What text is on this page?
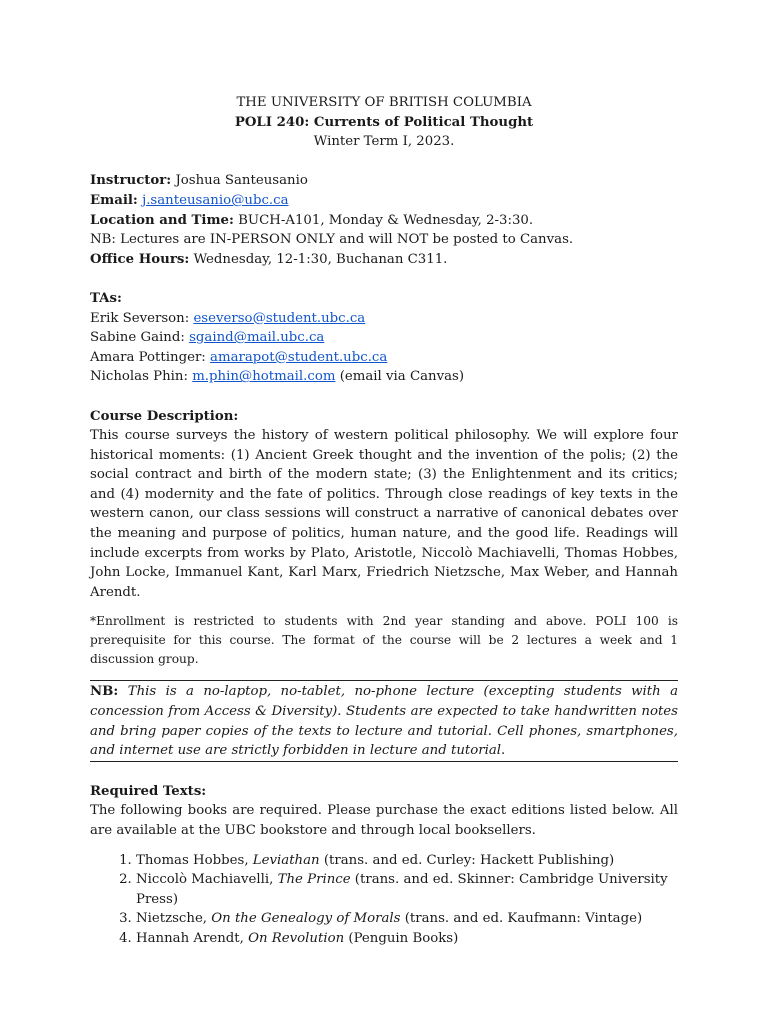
THE UNIVERSITY OF BRITISH COLUMBIA
POLI 240: Currents of Political Thought
Winter Term I, 2023.
Instructor: Joshua Santeusanio
Email: j.santeusanio@ubc.ca
Location and Time: BUCH-A101, Monday & Wednesday, 2-3:30.
NB: Lectures are IN-PERSON ONLY and will NOT be posted to Canvas.
Office Hours: Wednesday, 12-1:30, Buchanan C311.
TAs:
Erik Severson: eseverso@student.ubc.ca
Sabine Gaind: sgaind@mail.ubc.ca
Amara Pottinger: amarapot@student.ubc.ca
Nicholas Phin: m.phin@hotmail.com (email via Canvas)
Course Description:
This course surveys the history of western political philosophy. We will explore four historical moments: (1) Ancient Greek thought and the invention of the polis; (2) the social contract and birth of the modern state; (3) the Enlightenment and its critics; and (4) modernity and the fate of politics. Through close readings of key texts in the western canon, our class sessions will construct a narrative of canonical debates over the meaning and purpose of politics, human nature, and the good life. Readings will include excerpts from works by Plato, Aristotle, Niccolò Machiavelli, Thomas Hobbes, John Locke, Immanuel Kant, Karl Marx, Friedrich Nietzsche, Max Weber, and Hannah Arendt.
*Enrollment is restricted to students with 2nd year standing and above. POLI 100 is prerequisite for this course. The format of the course will be 2 lectures a week and 1 discussion group.
NB: This is a no-laptop, no-tablet, no-phone lecture (excepting students with a concession from Access & Diversity). Students are expected to take handwritten notes and bring paper copies of the texts to lecture and tutorial. Cell phones, smartphones, and internet use are strictly forbidden in lecture and tutorial.
Required Texts:
The following books are required. Please purchase the exact editions listed below. All are available at the UBC bookstore and through local booksellers.
1. Thomas Hobbes, Leviathan (trans. and ed. Curley: Hackett Publishing)
2. Niccolò Machiavelli, The Prince (trans. and ed. Skinner: Cambridge University Press)
3. Nietzsche, On the Genealogy of Morals (trans. and ed. Kaufmann: Vintage)
4. Hannah Arendt, On Revolution (Penguin Books)
